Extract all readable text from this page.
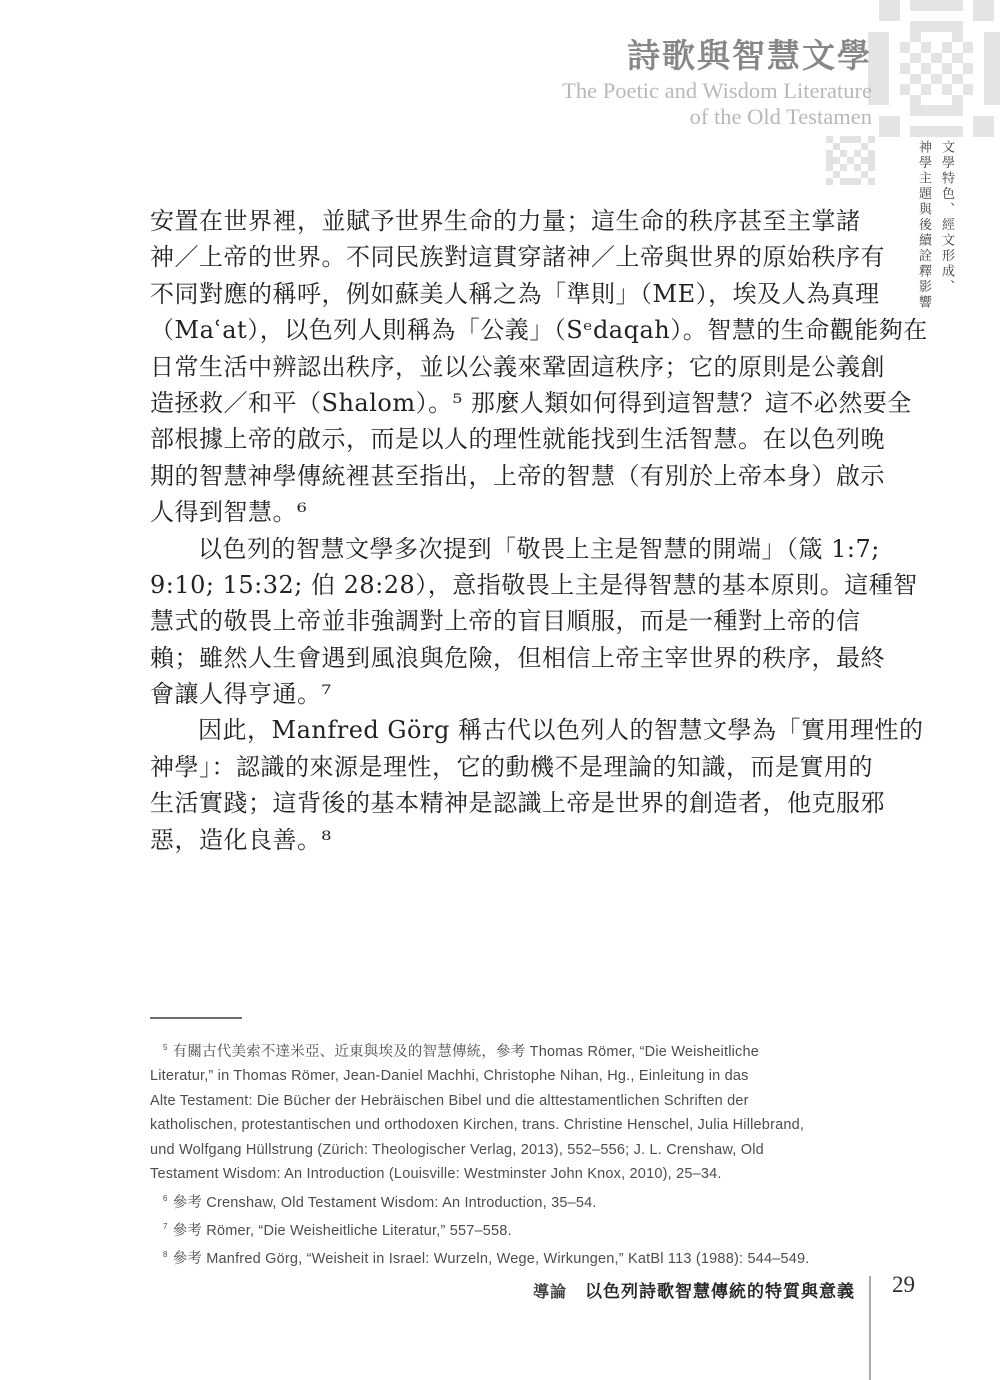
詩歌與智慧文學
The Poetic and Wisdom Literature
of the Old Testamen
文學特色、經文形成、
神學主題與後續詮釋影響
安置在世界裡，並賦予世界生命的力量；這生命的秩序甚至主掌諸
神／上帝的世界。不同民族對這貫穿諸神／上帝與世界的原始秩序有
不同對應的稱呼，例如蘇美人稱之為「準則」（ME），埃及人為真理
（Maʿat），以色列人則稱為「公義」（Sᵉdaqah）。智慧的生命觀能夠在
日常生活中辨認出秩序，並以公義來鞏固這秩序；它的原則是公義創
造拯救／和平（Shalom）。⁵ 那麼人類如何得到這智慧？這不必然要全
部根據上帝的啟示，而是以人的理性就能找到生活智慧。在以色列晚
期的智慧神學傳統裡甚至指出，上帝的智慧（有別於上帝本身）啟示
人得到智慧。⁶
以色列的智慧文學多次提到「敬畏上主是智慧的開端」（箴 1:7;
9:10; 15:32; 伯 28:28），意指敬畏上主是得智慧的基本原則。這種智
慧式的敬畏上帝並非強調對上帝的盲目順服，而是一種對上帝的信
賴；雖然人生會遇到風浪與危險，但相信上帝主宰世界的秩序，最終
會讓人得亨通。⁷
因此，Manfred Görg 稱古代以色列人的智慧文學為「實用理性的
神學」：認識的來源是理性，它的動機不是理論的知識，而是實用的
生活實踐；這背後的基本精神是認識上帝是世界的創造者，他克服邪
惡，造化良善。⁸
$^5$ 有關古代美索不達米亞、近東與埃及的智慧傳統，參考 Thomas Römer, “Die Weisheitliche
Literatur,” in Thomas Römer, Jean-Daniel Machhi, Christophe Nihan, Hg., Einleitung in das
Alte Testament: Die Bücher der Hebräischen Bibel und die alttestamentlichen Schriften der
katholischen, protestantischen und orthodoxen Kirchen, trans. Christine Henschel, Julia Hillebrand,
und Wolfgang Hüllstrung (Zürich: Theologischer Verlag, 2013), 552–556; J. L. Crenshaw, Old
Testament Wisdom: An Introduction (Louisville: Westminster John Knox, 2010), 25–34.
$^6$ 參考 Crenshaw, Old Testament Wisdom: An Introduction, 35–54.
$^7$ 參考 Römer, “Die Weisheitliche Literatur,” 557–558.
$^8$ 參考 Manfred Görg, “Weisheit in Israel: Wurzeln, Wege, Wirkungen,” KatBl 113 (1988): 544–549.
導論 以色列詩歌智慧傳統的特質與意義 29
